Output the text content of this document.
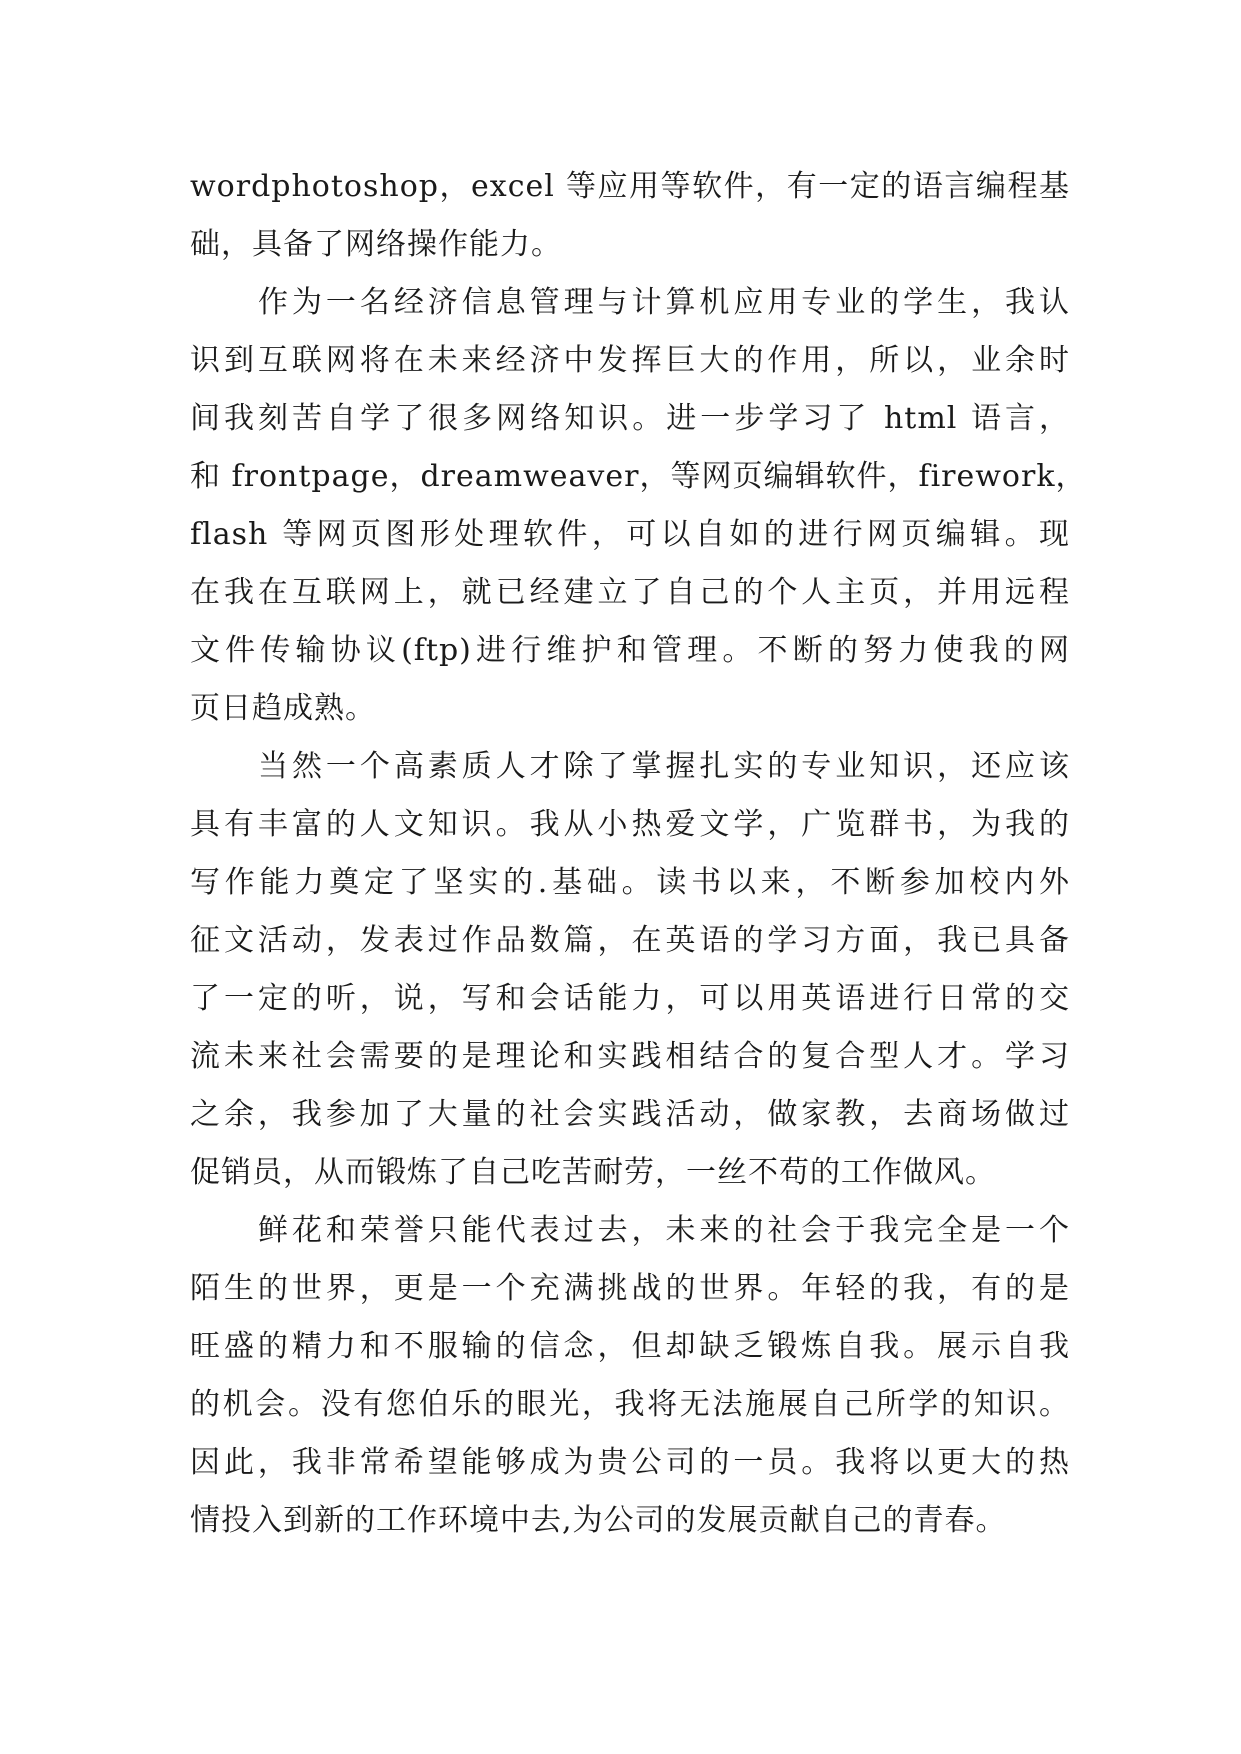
wordphotoshop，excel 等应用等软件，有一定的语言编程基
础，具备了网络操作能力。
作为一名经济信息管理与计算机应用专业的学生，我认
识到互联网将在未来经济中发挥巨大的作用，所以，业余时
间我刻苦自学了很多网络知识。进一步学习了 html 语言，
和 frontpage，dreamweaver，等网页编辑软件，firework，
flash 等网页图形处理软件，可以自如的进行网页编辑。现
在我在互联网上，就已经建立了自己的个人主页，并用远程
文件传输协议(ftp)进行维护和管理。不断的努力使我的网
页日趋成熟。
当然一个高素质人才除了掌握扎实的专业知识，还应该
具有丰富的人文知识。我从小热爱文学，广览群书，为我的
写作能力奠定了坚实的.基础。读书以来，不断参加校内外
征文活动，发表过作品数篇，在英语的学习方面，我已具备
了一定的听，说，写和会话能力，可以用英语进行日常的交
流未来社会需要的是理论和实践相结合的复合型人才。学习
之余，我参加了大量的社会实践活动，做家教，去商场做过
促销员，从而锻炼了自己吃苦耐劳，一丝不苟的工作做风。
鲜花和荣誉只能代表过去，未来的社会于我完全是一个
陌生的世界，更是一个充满挑战的世界。年轻的我，有的是
旺盛的精力和不服输的信念，但却缺乏锻炼自我。展示自我
的机会。没有您伯乐的眼光，我将无法施展自己所学的知识。
因此，我非常希望能够成为贵公司的一员。我将以更大的热
情投入到新的工作环境中去,为公司的发展贡献自己的青春。
